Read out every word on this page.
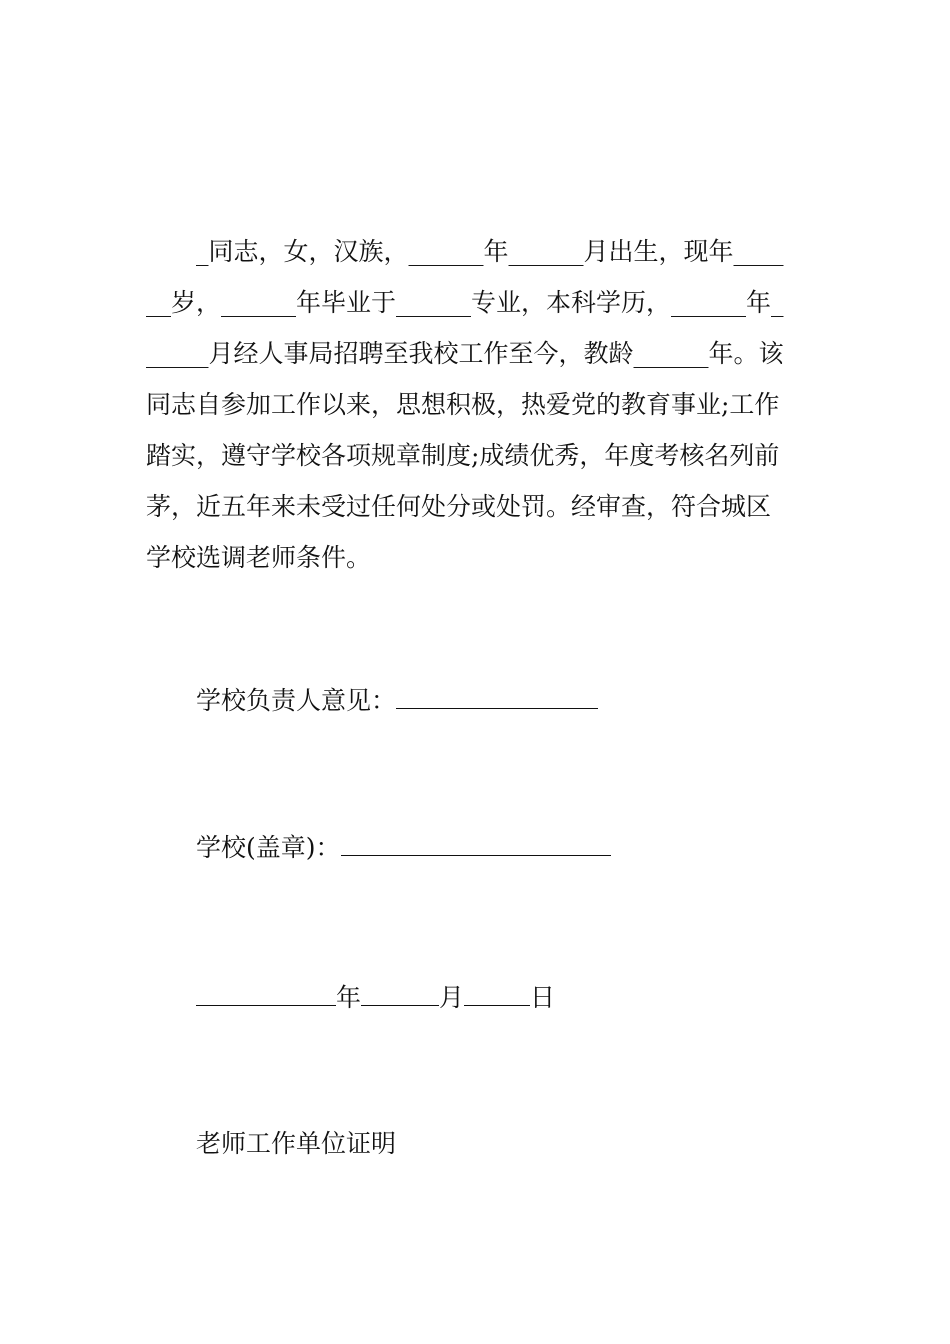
_同志，女，汉族，______年______月出生，现年____
__岁，______年毕业于______专业，本科学历，______年_
_____月经人事局招聘至我校工作至今，教龄______年。该
同志自参加工作以来，思想积极，热爱党的教育事业;工作
踏实，遵守学校各项规章制度;成绩优秀，年度考核名列前
茅，近五年来未受过任何处分或处罚。经审查，符合城区
学校选调老师条件。
学校负责人意见：
学校(盖章)：
年	月	日
老师工作单位证明
